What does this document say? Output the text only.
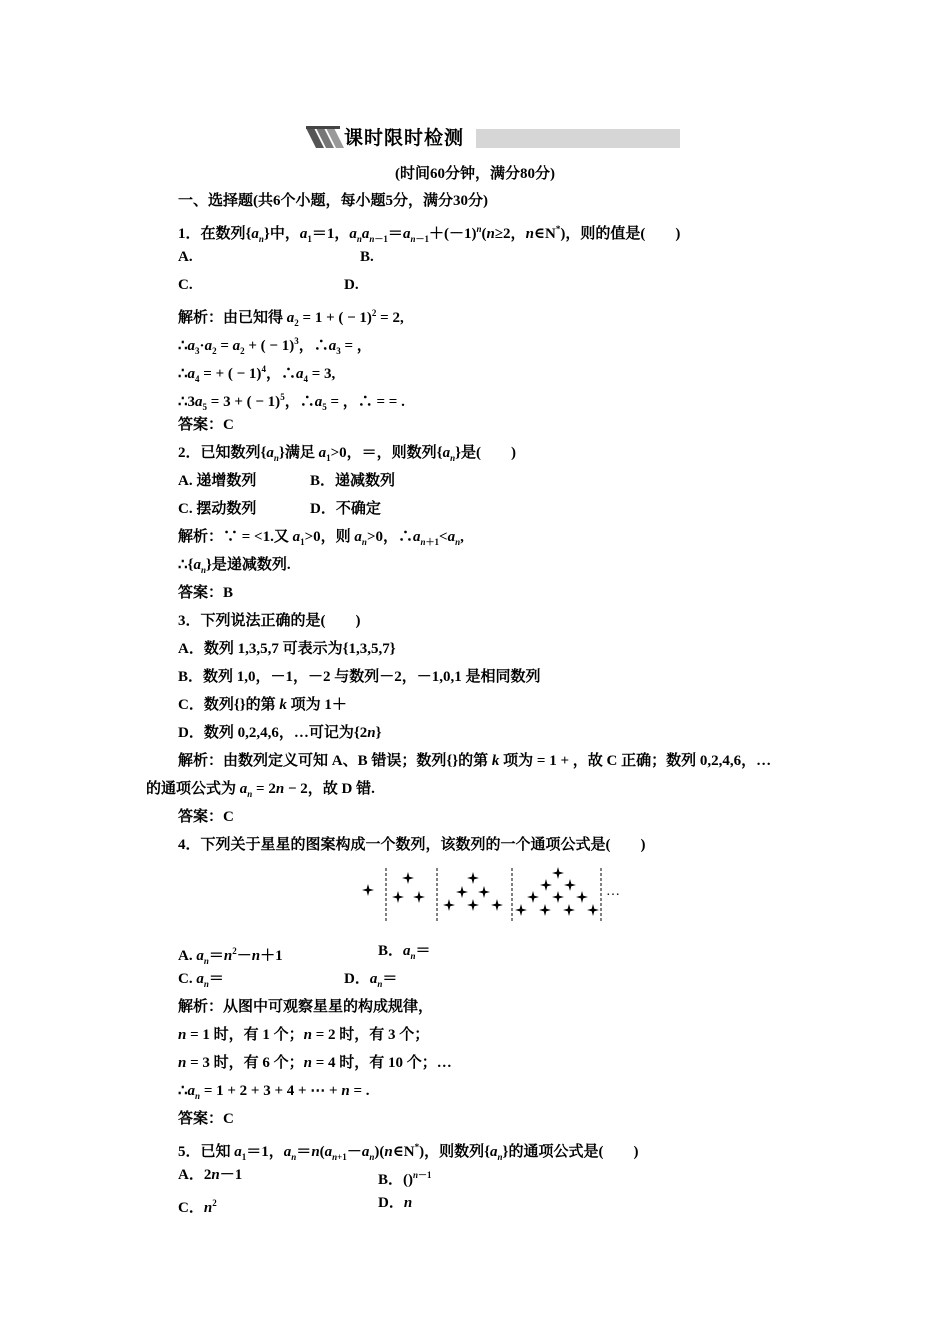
课时限时检测
(时间60分钟，满分80分)
一、选择题(共6个小题，每小题5分，满分30分)
1．在数列$\{a_n\}$中，$a_1=1$，$a_na_{n-1}=a_{n-1}+(-1)^n(n\ge 2$，n∈N*)，则的值是(　　)
A.	B.
C.	D.
解析：由已知得 $a_2 = 1$ + ( − 1)$^2$ = 2,
$\therefore a_3\cdot a_2 = a_2$ + ( − 1)$^3$，$\therefore a_3$ = ，
$\therefore a_4$ = + ( − 1)$^4$，$\therefore a_4 = 3$,
$\therefore 3a_5 = 3$ + ( − 1)$^5$，$\therefore a_5$ = ，∴ = = .
答案：C
2．已知数列$\{a_n\}$满足 $a_1>0$，＝，则数列$\{a_n\}$是(　　)
A. 递增数列	B．递减数列
C. 摆动数列	D．不确定
解析：∵ = <1.又 $a_1>0$，则 $a_n>0$，$\therefore a_{n+1}<a_n$,
$\therefore\{a_n\}$是递减数列.
答案：B
3．下列说法正确的是(　　)
A．数列 1,3,5,7 可表示为{1,3,5,7}
B．数列 1,0，－1，－2 与数列－2，－1,0,1 是相同数列
C．数列{}的第 k 项为 1＋
D．数列 0,2,4,6，…可记为{2n}
解析：由数列定义可知 A、B 错误；数列{}的第 k 项为 = 1 + ，故 C 正确；数列 0,2,4,6，…
的通项公式为 $a_n = 2n - 2$，故 D 错.
答案：C
4．下列关于星星的图案构成一个数列，该数列的一个通项公式是(　　)
…
A. $a_n=n^2-n+1$	B．$a_n=$
C. $a_n=$	D．$a_n=$
解析：从图中可观察星星的构成规律，
n = 1 时，有 1 个；n = 2 时，有 3 个；
n = 3 时，有 6 个；n = 4 时，有 10 个；…
$\therefore a_n = 1 + 2 + 3 + 4$ + ⋯ + n = .
答案：C
5．已知 $a_1=1$，$a_n=n(a_{n+1}-a_n)(n\in N^*)$，则数列$\{a_n\}$的通项公式是(　　)
A．2n－1	B．()$^{n-1}$
C．$n^2$	D．n
